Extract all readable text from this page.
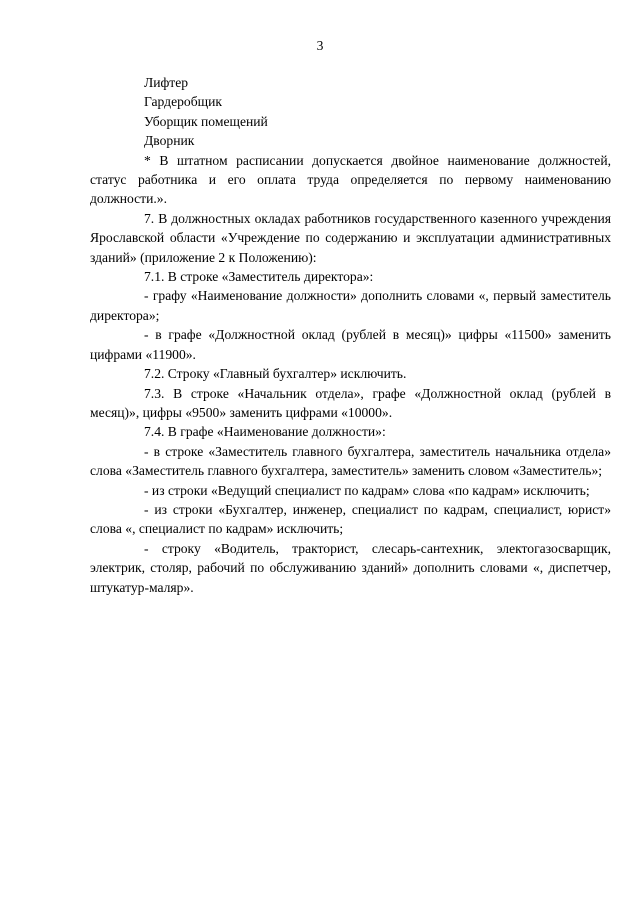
3

Лифтер

Гардеробщик

Уборщик помещений

Дворник

* В штатном расписании допускается двойное наименование должностей, статус работника и его оплата труда определяется по первому наименованию должности.».

7. В должностных окладах работников государственного казенного учреждения Ярославской области «Учреждение по содержанию и эксплуатации административных зданий» (приложение 2 к Положению):

7.1. В строке «Заместитель директора»:

- графу «Наименование должности» дополнить словами «, первый заместитель директора»;

- в графе «Должностной оклад (рублей в месяц)» цифры «11500» заменить цифрами «11900».

7.2. Строку «Главный бухгалтер» исключить.

7.3. В строке «Начальник отдела», графе «Должностной оклад (рублей в месяц)», цифры «9500» заменить цифрами «10000».

7.4. В графе «Наименование должности»:

- в строке «Заместитель главного бухгалтера, заместитель начальника отдела» слова «Заместитель главного бухгалтера, заместитель» заменить словом «Заместитель»;

- из строки «Ведущий специалист по кадрам» слова «по кадрам» исключить;

- из строки «Бухгалтер, инженер, специалист по кадрам, специалист, юрист» слова «, специалист по кадрам» исключить;

- строку «Водитель, тракторист, слесарь-сантехник, электогазосварщик, электрик, столяр, рабочий по обслуживанию зданий» дополнить словами «, диспетчер, штукатур-маляр».
